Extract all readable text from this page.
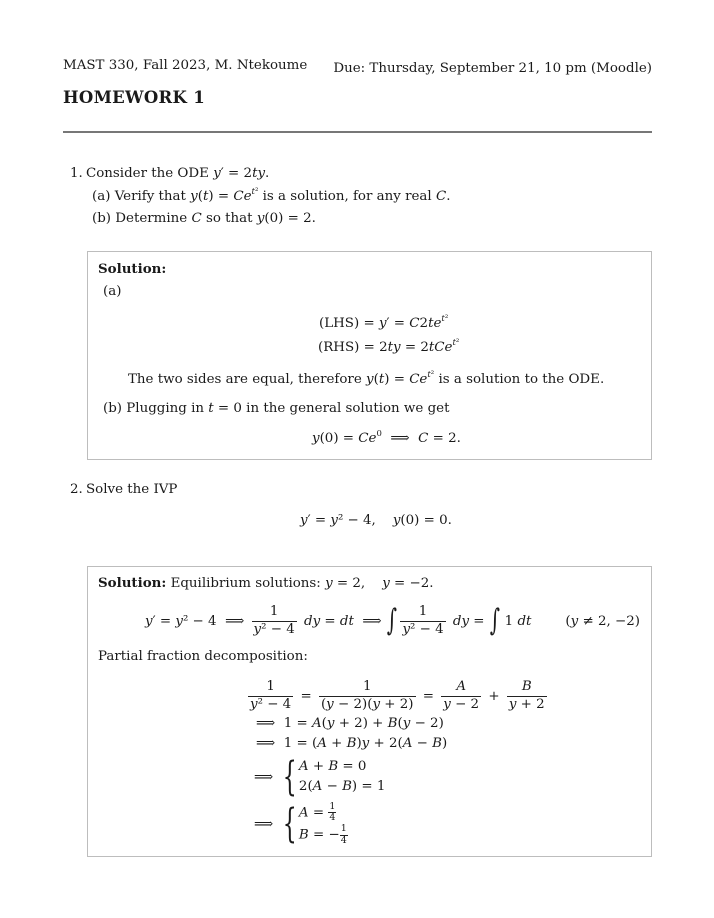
MAST 330, Fall 2023, M. Ntekoume Due: Thursday, September 21, 10 pm (Moodle)
HOMEWORK 1
1. Consider the ODE y′ = 2ty.
(a) Verify that $y(t) = Ce^{t^2}$ is a solution, for any real C.
(b) Determine C so that y(0) = 2.
Solution:
(a)
$(LHS) = y' = C2te^{t^2}$
(RHS) = 2ty = 2tCe$^{t^2}$
The two sides are equal, therefore $y(t) = Ce^{t^2}$ is a solution to the ODE.
(b) Plugging in t = 0 in the general solution we get
$y(0) = Ce^0$  ⟹  C = 2.
2. Solve the IVP
y′ = y² − 4,    y(0) = 0.
Solution: Equilibrium solutions: y = 2,    y = −2.
y′ = y² − 4  ⟹ $\frac{1}{\text{y² − 4}}$ dy = dt  ⟹ ∫ $\frac{1}{\text{y² − 4}}$ dy = ∫ 1 dt	(y ≠ 2, −2)
Partial fraction decomposition:
$\frac{1}{\text{y² − 4}} = \frac{1}{(y - 2)(y + 2)} = \frac{A}{y - 2} + \frac{B}{y + 2}$
⟹  1 = A(y + 2) + B(y − 2)
⟹  1 = (A + B)y + 2(A − B)
⟹ { A + B = 0
2(A − B) = 1
⟹ { $A = \frac{1}{4}$
B = − $\frac{1}{4}$
